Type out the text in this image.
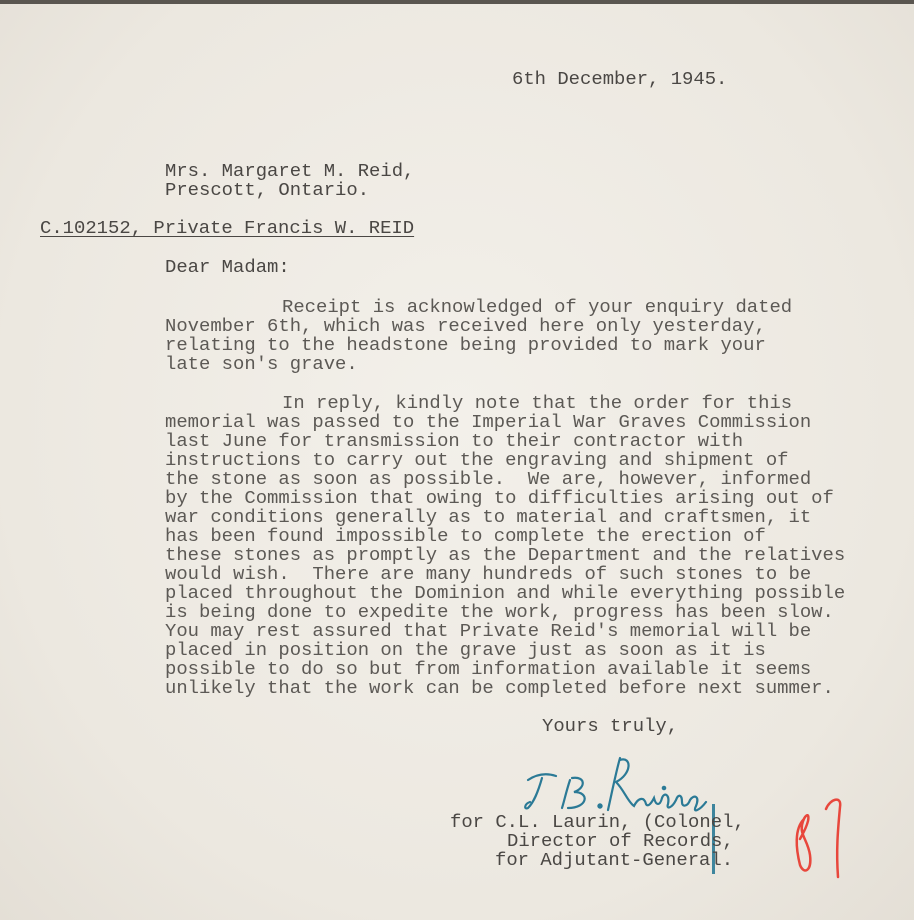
6th December, 1945.
Mrs. Margaret M. Reid,
Prescott, Ontario.
C.102152, Private Francis W. REID
Dear Madam:
Receipt is acknowledged of your enquiry dated
November 6th, which was received here only yesterday,
relating to the headstone being provided to mark your
late son's grave.
In reply, kindly note that the order for this
memorial was passed to the Imperial War Graves Commission
last June for transmission to their contractor with
instructions to carry out the engraving and shipment of
the stone as soon as possible.  We are, however, informed
by the Commission that owing to difficulties arising out of
war conditions generally as to material and craftsmen, it
has been found impossible to complete the erection of
these stones as promptly as the Department and the relatives
would wish.  There are many hundreds of such stones to be
placed throughout the Dominion and while everything possible
is being done to expedite the work, progress has been slow.
You may rest assured that Private Reid's memorial will be
placed in position on the grave just as soon as it is
possible to do so but from information available it seems
unlikely that the work can be completed before next summer.
Yours truly,
for C.L. Laurin, (Colonel,
Director of Records,
for Adjutant-General.
